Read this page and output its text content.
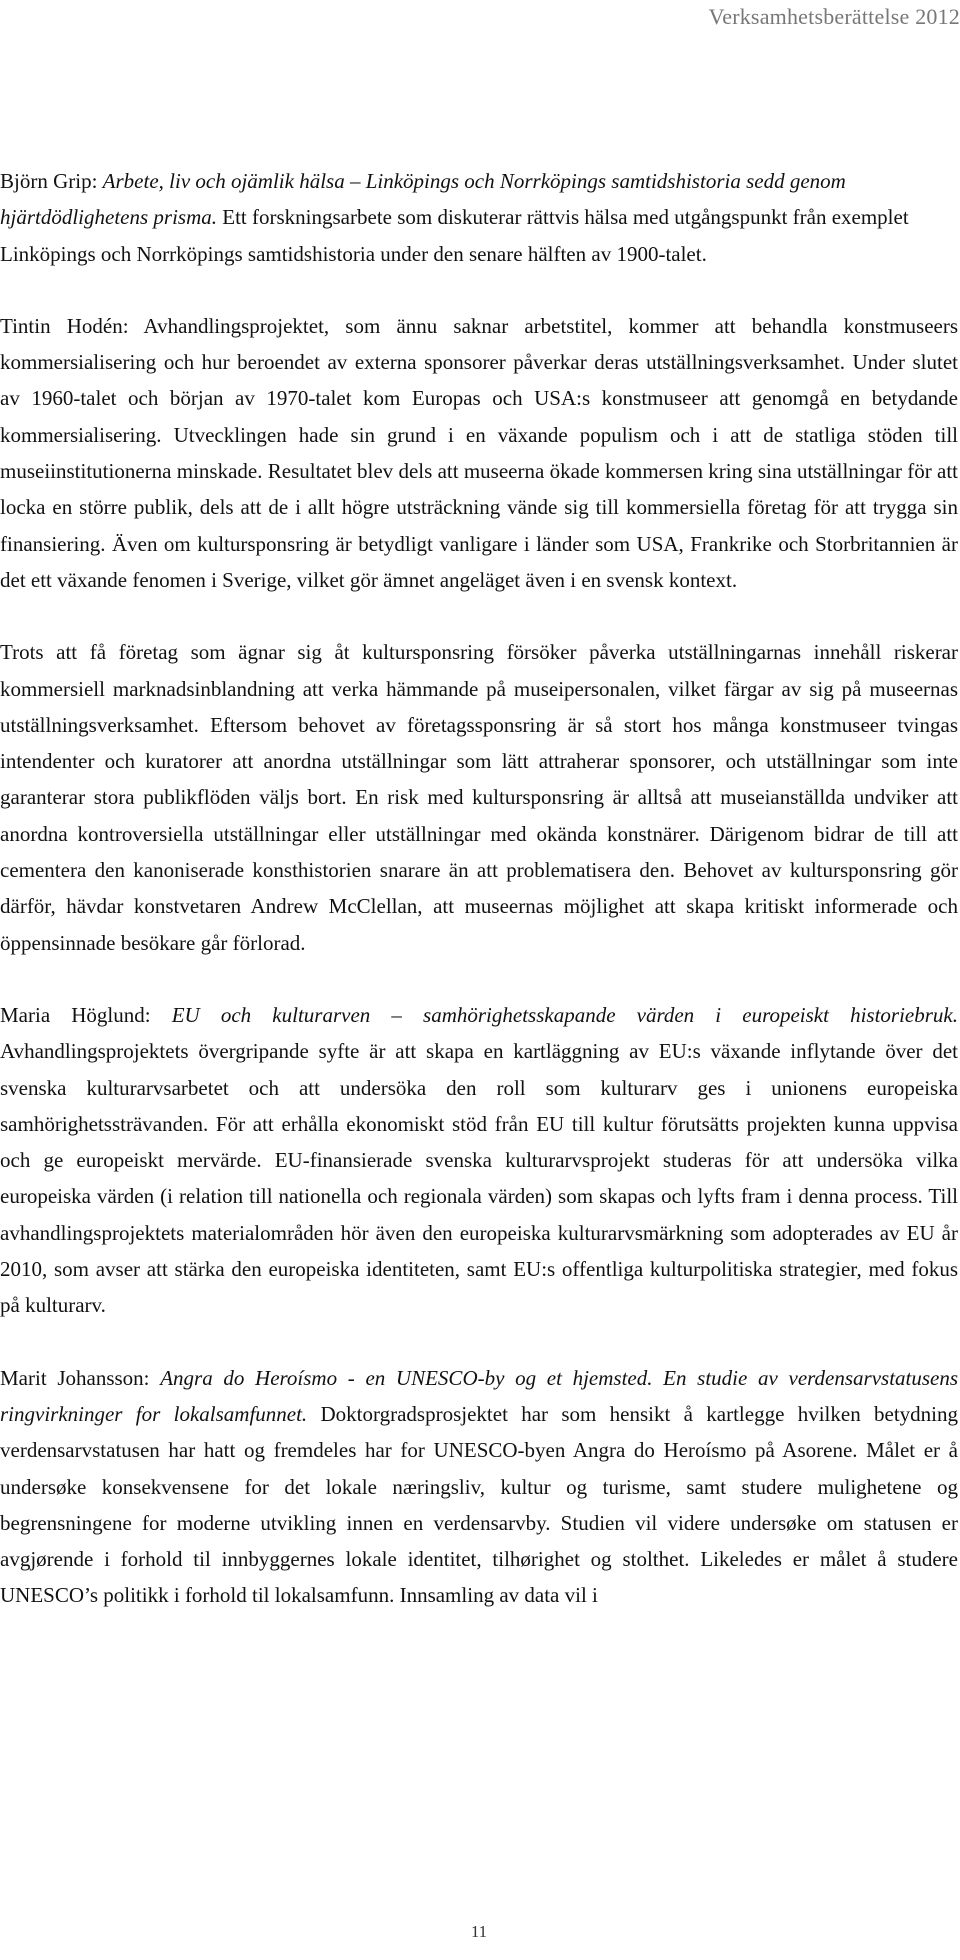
Verksamhetsberättelse 2012

Björn Grip: Arbete, liv och ojämlik hälsa – Linköpings och Norrköpings samtidshistoria sedd genom hjärtdödlighetens prisma. Ett forskningsarbete som diskuterar rättvis hälsa med utgångspunkt från exemplet Linköpings och Norrköpings samtidshistoria under den senare hälften av 1900-talet.

Tintin Hodén: Avhandlingsprojektet, som ännu saknar arbetstitel, kommer att behandla konstmuseers kommersialisering och hur beroendet av externa sponsorer påverkar deras utställningsverksamhet. Under slutet av 1960-talet och början av 1970-talet kom Europas och USA:s konstmuseer att genomgå en betydande kommersialisering. Utvecklingen hade sin grund i en växande populism och i att de statliga stöden till museiinstitutionerna minskade. Resultatet blev dels att museerna ökade kommersen kring sina utställningar för att locka en större publik, dels att de i allt högre utsträckning vände sig till kommersiella företag för att trygga sin finansiering. Även om kultursponsring är betydligt vanligare i länder som USA, Frankrike och Storbritannien är det ett växande fenomen i Sverige, vilket gör ämnet angeläget även i en svensk kontext.

Trots att få företag som ägnar sig åt kultursponsring försöker påverka utställningarnas innehåll riskerar kommersiell marknadsinblandning att verka hämmande på museipersonalen, vilket färgar av sig på museernas utställningsverksamhet. Eftersom behovet av företagssponsring är så stort hos många konstmuseer tvingas intendenter och kuratorer att anordna utställningar som lätt attraherar sponsorer, och utställningar som inte garanterar stora publikflöden väljs bort. En risk med kultursponsring är alltså att museianställda undviker att anordna kontroversiella utställningar eller utställningar med okända konstnärer. Därigenom bidrar de till att cementera den kanoniserade konsthistorien snarare än att problematisera den. Behovet av kultursponsring gör därför, hävdar konstvetaren Andrew McClellan, att museernas möjlighet att skapa kritiskt informerade och öppensinnade besökare går förlorad.

Maria Höglund: EU och kulturarven – samhörighetsskapande värden i europeiskt historiebruk. Avhandlingsprojektets övergripande syfte är att skapa en kartläggning av EU:s växande inflytande över det svenska kulturarvsarbetet och att undersöka den roll som kulturarv ges i unionens europeiska samhörighetssträvanden. För att erhålla ekonomiskt stöd från EU till kultur förutsätts projekten kunna uppvisa och ge europeiskt mervärde. EU-finansierade svenska kulturarvsprojekt studeras för att undersöka vilka europeiska värden (i relation till nationella och regionala värden) som skapas och lyfts fram i denna process. Till avhandlingsprojektets materialområden hör även den europeiska kulturarvsmärkning som adopterades av EU år 2010, som avser att stärka den europeiska identiteten, samt EU:s offentliga kulturpolitiska strategier, med fokus på kulturarv.

Marit Johansson: Angra do Heroísmo - en UNESCO-by og et hjemsted. En studie av verdensarvstatusens ringvirkninger for lokalsamfunnet. Doktorgradsprosjektet har som hensikt å kartlegge hvilken betydning verdensarvstatusen har hatt og fremdeles har for UNESCO-byen Angra do Heroísmo på Asorene. Målet er å undersøke konsekvensene for det lokale næringsliv, kultur og turisme, samt studere mulighetene og begrensningene for moderne utvikling innen en verdensarvby. Studien vil videre undersøke om statusen er avgjørende i forhold til innbyggernes lokale identitet, tilhørighet og stolthet. Likeledes er målet å studere UNESCO’s politikk i forhold til lokalsamfunn. Innsamling av data vil i

11
